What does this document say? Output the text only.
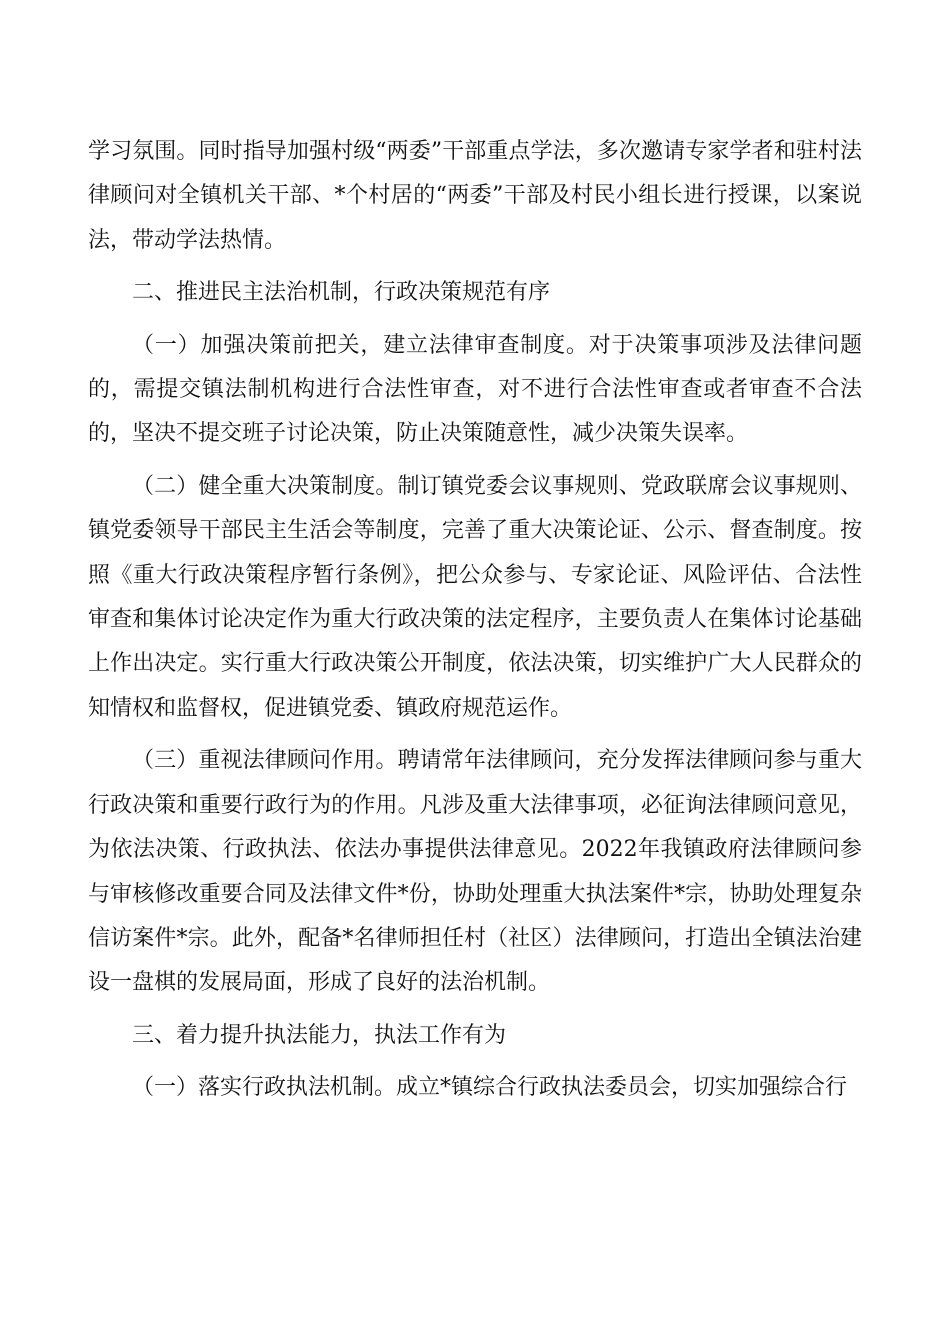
学习氛围。同时指导加强村级“两委”干部重点学法，多次邀请专家学者和驻村法律顾问对全镇机关干部、*个村居的“两委”干部及村民小组长进行授课，以案说法，带动学法热情。

二、推进民主法治机制，行政决策规范有序

（一）加强决策前把关，建立法律审查制度。对于决策事项涉及法律问题的，需提交镇法制机构进行合法性审查，对不进行合法性审查或者审查不合法的，坚决不提交班子讨论决策，防止决策随意性，减少决策失误率。

（二）健全重大决策制度。制订镇党委会议事规则、党政联席会议事规则、镇党委领导干部民主生活会等制度，完善了重大决策论证、公示、督查制度。按照《重大行政决策程序暂行条例》，把公众参与、专家论证、风险评估、合法性审查和集体讨论决定作为重大行政决策的法定程序，主要负责人在集体讨论基础上作出决定。实行重大行政决策公开制度，依法决策，切实维护广大人民群众的知情权和监督权，促进镇党委、镇政府规范运作。

（三）重视法律顾问作用。聘请常年法律顾问，充分发挥法律顾问参与重大行政决策和重要行政行为的作用。凡涉及重大法律事项，必征询法律顾问意见，为依法决策、行政执法、依法办事提供法律意见。2022年我镇政府法律顾问参与审核修改重要合同及法律文件*份，协助处理重大执法案件*宗，协助处理复杂信访案件*宗。此外，配备*名律师担任村（社区）法律顾问，打造出全镇法治建设一盘棋的发展局面，形成了良好的法治机制。

三、着力提升执法能力，执法工作有为

（一）落实行政执法机制。成立*镇综合行政执法委员会，切实加强综合行
